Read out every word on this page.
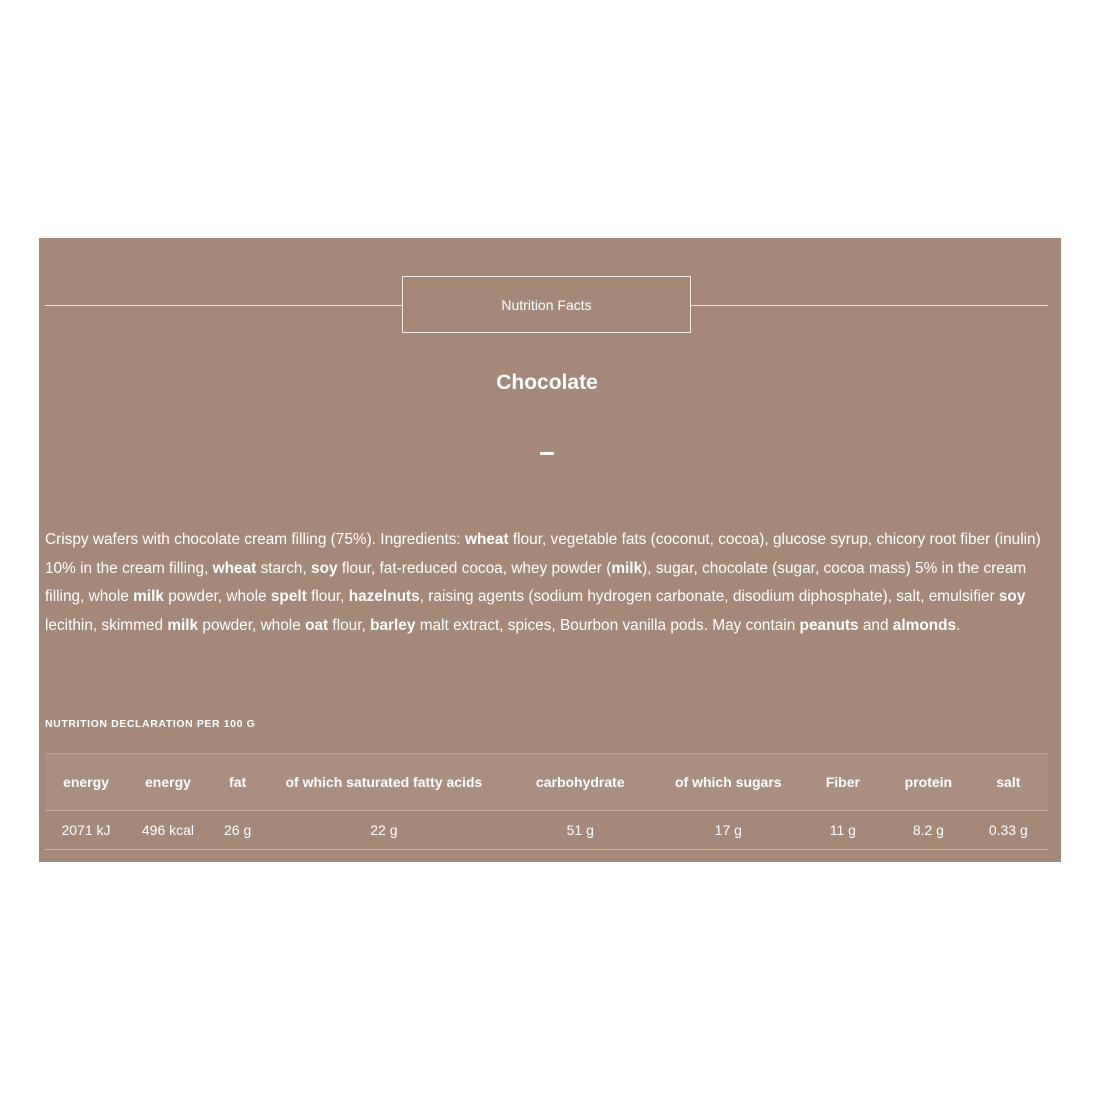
Nutrition Facts
Chocolate
Crispy wafers with chocolate cream filling (75%). Ingredients: wheat flour, vegetable fats (coconut, cocoa), glucose syrup, chicory root fiber (inulin) 10% in the cream filling, wheat starch, soy flour, fat-reduced cocoa, whey powder (milk), sugar, chocolate (sugar, cocoa mass) 5% in the cream filling, whole milk powder, whole spelt flour, hazelnuts, raising agents (sodium hydrogen carbonate, disodium diphosphate), salt, emulsifier soy lecithin, skimmed milk powder, whole oat flour, barley malt extract, spices, Bourbon vanilla pods. May contain peanuts and almonds.
NUTRITION DECLARATION PER 100 G
energy	energy	fat	of which saturated fatty acids	carbohydrate	of which sugars	Fiber	protein	salt
2071 kJ	496 kcal	26 g	22 g	51 g	17 g	11 g	8.2 g	0.33 g
